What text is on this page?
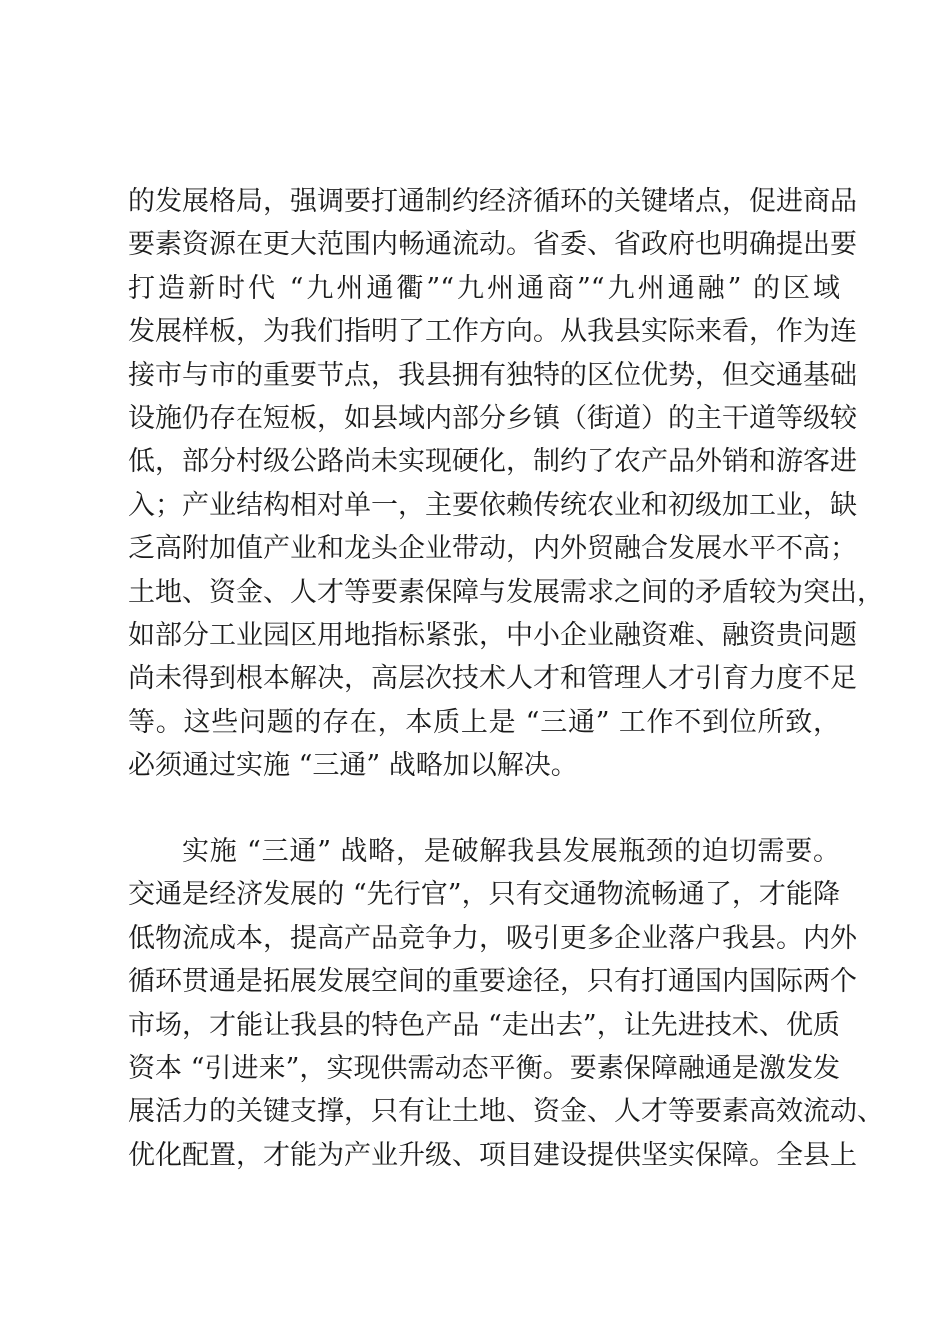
的发展格局，强调要打通制约经济循环的关键堵点，促进商品
要素资源在更大范围内畅通流动。省委、省政府也明确提出要
打造新时代 “九州通衢”“九州通商”“九州通融” 的区域
发展样板，为我们指明了工作方向。从我县实际来看，作为连
接市与市的重要节点，我县拥有独特的区位优势，但交通基础
设施仍存在短板，如县域内部分乡镇（街道）的主干道等级较
低，部分村级公路尚未实现硬化，制约了农产品外销和游客进
入；产业结构相对单一，主要依赖传统农业和初级加工业，缺
乏高附加值产业和龙头企业带动，内外贸融合发展水平不高；
土地、资金、人才等要素保障与发展需求之间的矛盾较为突出，
如部分工业园区用地指标紧张，中小企业融资难、融资贵问题
尚未得到根本解决，高层次技术人才和管理人才引育力度不足
等。这些问题的存在，本质上是 “三通” 工作不到位所致，
必须通过实施 “三通” 战略加以解决。
实施 “三通” 战略，是破解我县发展瓶颈的迫切需要。
交通是经济发展的 “先行官”，只有交通物流畅通了，才能降
低物流成本，提高产品竞争力，吸引更多企业落户我县。内外
循环贯通是拓展发展空间的重要途径，只有打通国内国际两个
市场，才能让我县的特色产品 “走出去”，让先进技术、优质
资本 “引进来”，实现供需动态平衡。要素保障融通是激发发
展活力的关键支撑，只有让土地、资金、人才等要素高效流动、
优化配置，才能为产业升级、项目建设提供坚实保障。全县上
